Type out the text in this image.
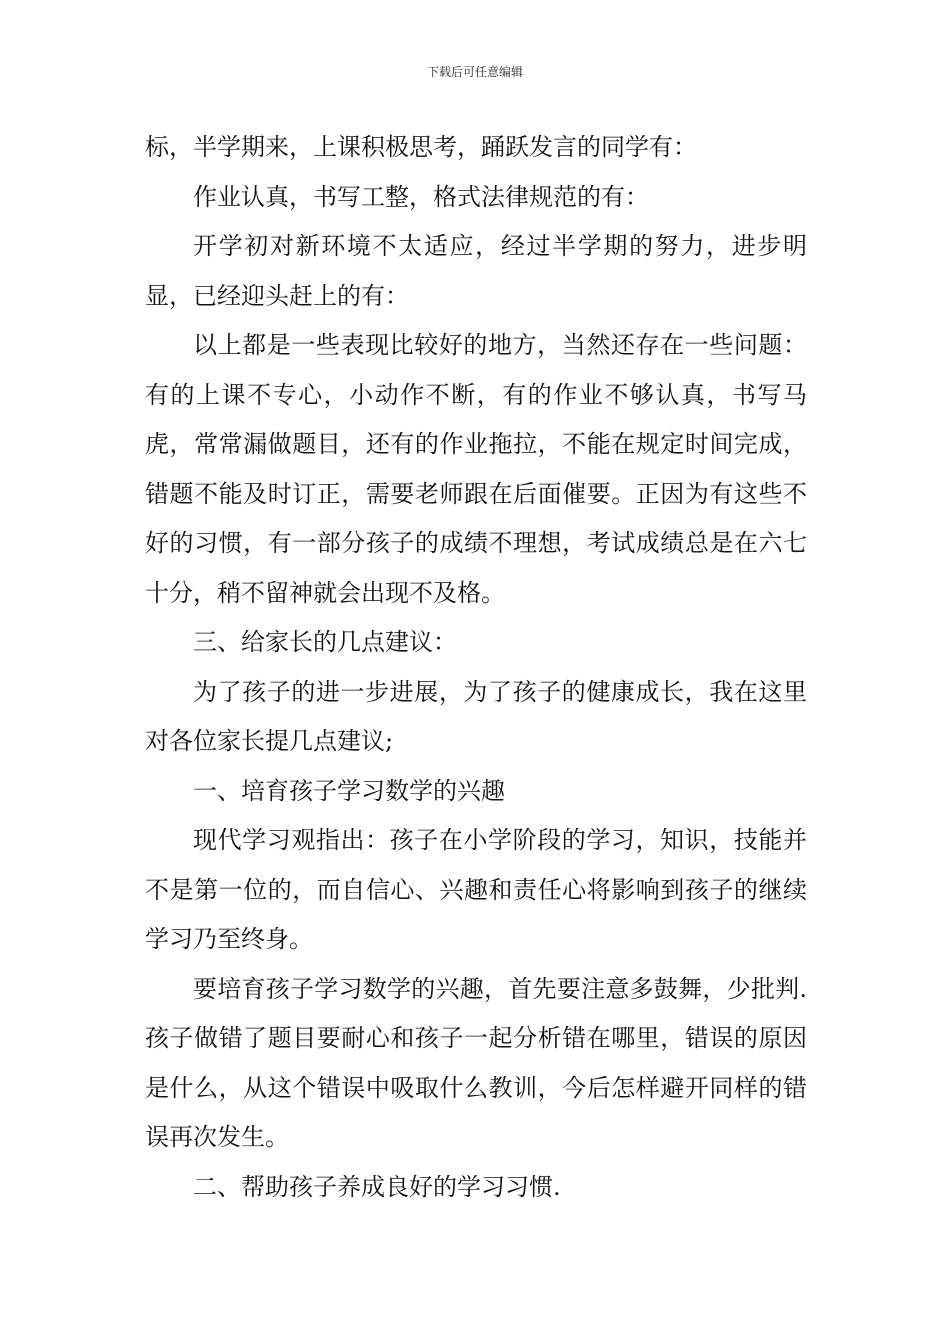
下载后可任意编辑

标，半学期来，上课积极思考，踊跃发言的同学有：

作业认真，书写工整，格式法律规范的有：

开学初对新环境不太适应，经过半学期的努力，进步明显，已经迎头赶上的有：

以上都是一些表现比较好的地方，当然还存在一些问题：有的上课不专心，小动作不断，有的作业不够认真，书写马虎，常常漏做题目，还有的作业拖拉，不能在规定时间完成，错题不能及时订正，需要老师跟在后面催要。正因为有这些不好的习惯，有一部分孩子的成绩不理想，考试成绩总是在六七十分，稍不留神就会出现不及格。

三、给家长的几点建议：

为了孩子的进一步进展，为了孩子的健康成长，我在这里对各位家长提几点建议;

一、培育孩子学习数学的兴趣

现代学习观指出：孩子在小学阶段的学习，知识，技能并不是第一位的，而自信心、兴趣和责任心将影响到孩子的继续学习乃至终身。

要培育孩子学习数学的兴趣，首先要注意多鼓舞，少批判.孩子做错了题目要耐心和孩子一起分析错在哪里，错误的原因是什么，从这个错误中吸取什么教训，今后怎样避开同样的错误再次发生。

二、帮助孩子养成良好的学习习惯.
